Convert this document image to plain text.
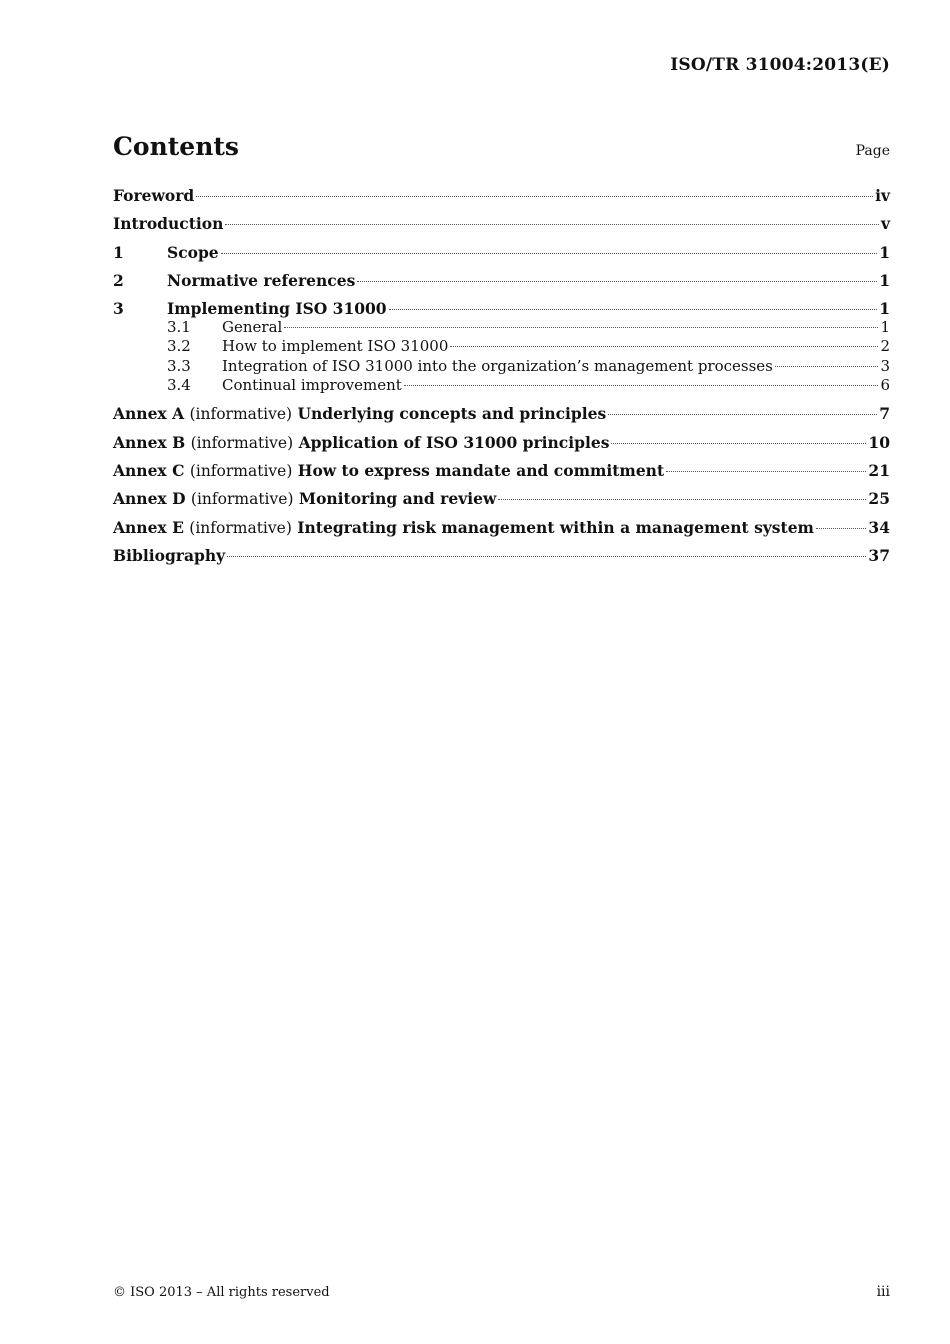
ISO/TR 31004:2013(E)
Contents	Page
Foreword	iv
Introduction	v
1	Scope	1
2	Normative references	1
3	Implementing ISO 31000	1
3.1	General	1
3.2	How to implement ISO 31000	2
3.3	Integration of ISO 31000 into the organization’s management processes	3
3.4	Continual improvement	6
Annex A (informative) Underlying concepts and principles	7
Annex B (informative) Application of ISO 31000 principles	10
Annex C (informative) How to express mandate and commitment	21
Annex D (informative) Monitoring and review	25
Annex E (informative) Integrating risk management within a management system	34
Bibliography	37
© ISO 2013 – All rights reserved	iii
